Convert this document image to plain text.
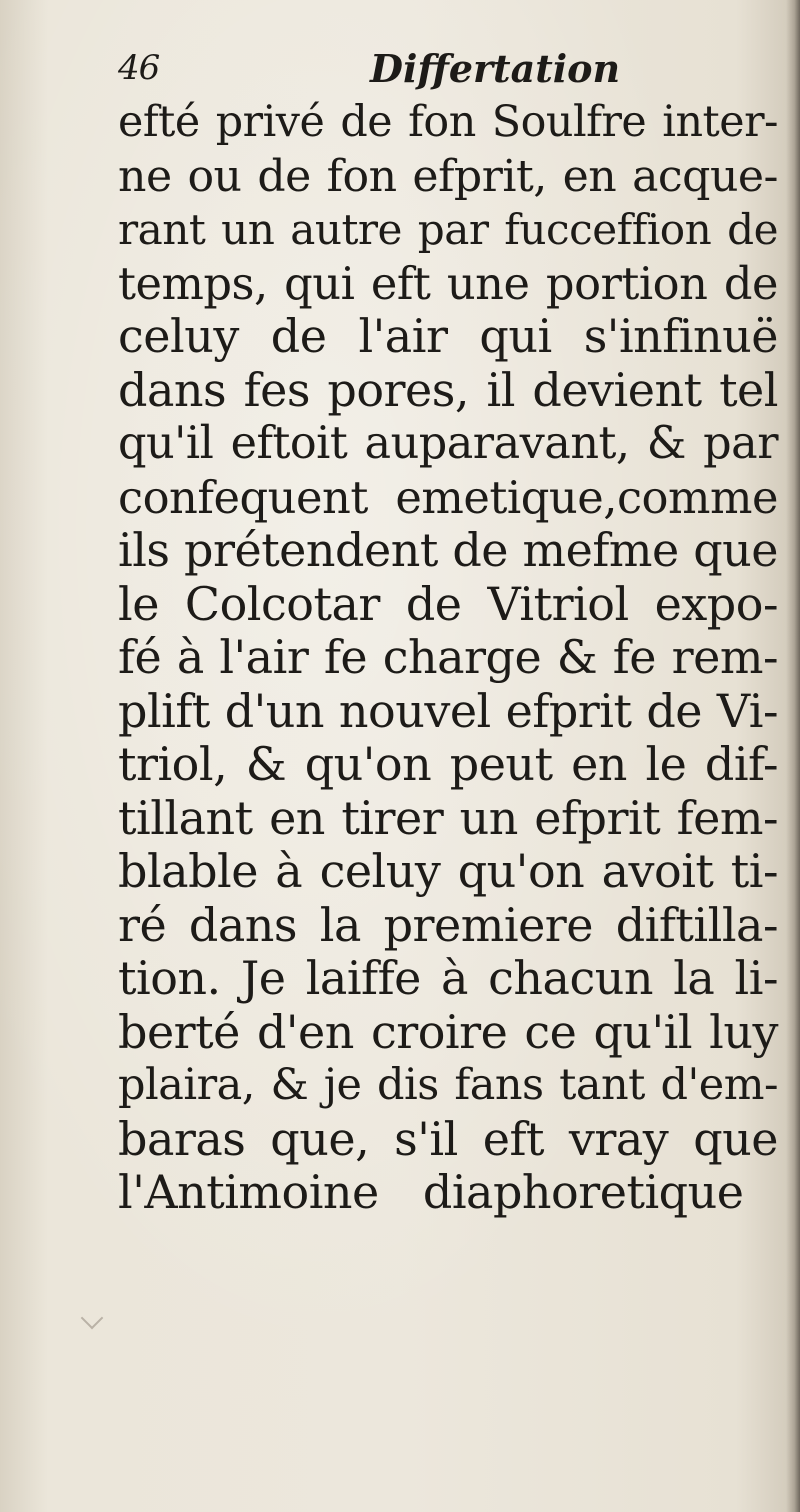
46	Differtation
efté privé de fon Soulfre inter-
ne ou de fon efprit, en acque-
rant un autre par fucceffion de
temps, qui eft une portion de
celuy de l'air qui s'infinuë
dans fes pores, il devient tel
qu'il eftoit auparavant, & par
confequent emetique,comme
ils prétendent de mefme que
le Colcotar de Vitriol expo-
fé à l'air fe charge & fe rem-
plift d'un nouvel efprit de Vi-
triol, & qu'on peut en le dif-
tillant en tirer un efprit fem-
blable à celuy qu'on avoit ti-
ré dans la premiere diftilla-
tion. Je laiffe à chacun la li-
berté d'en croire ce qu'il luy
plaira, & je dis fans tant d'em-
baras que, s'il eft vray que
l'Antimoine diaphoretique
